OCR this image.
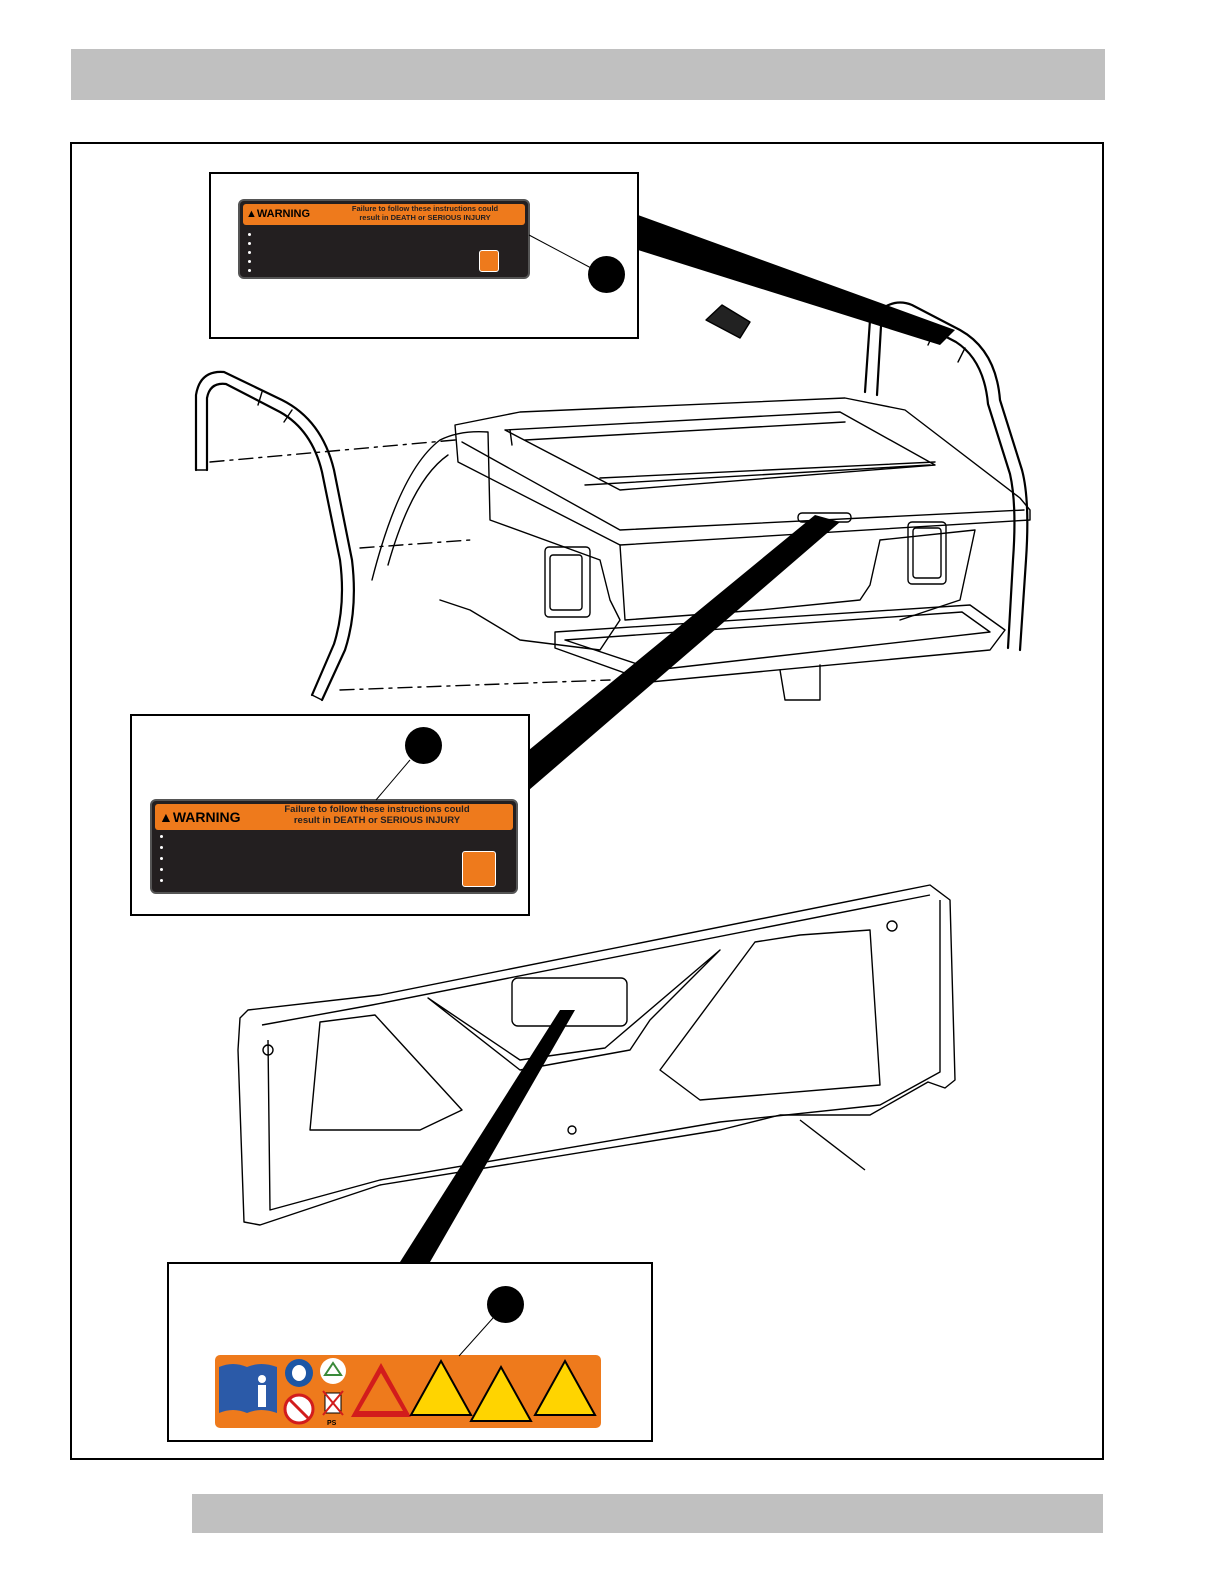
▲WARNING	Failure to follow these instructions could
result in DEATH or SERIOUS INJURY
▲WARNING	Failure to follow these instructions could
result in DEATH or SERIOUS INJURY
PS
